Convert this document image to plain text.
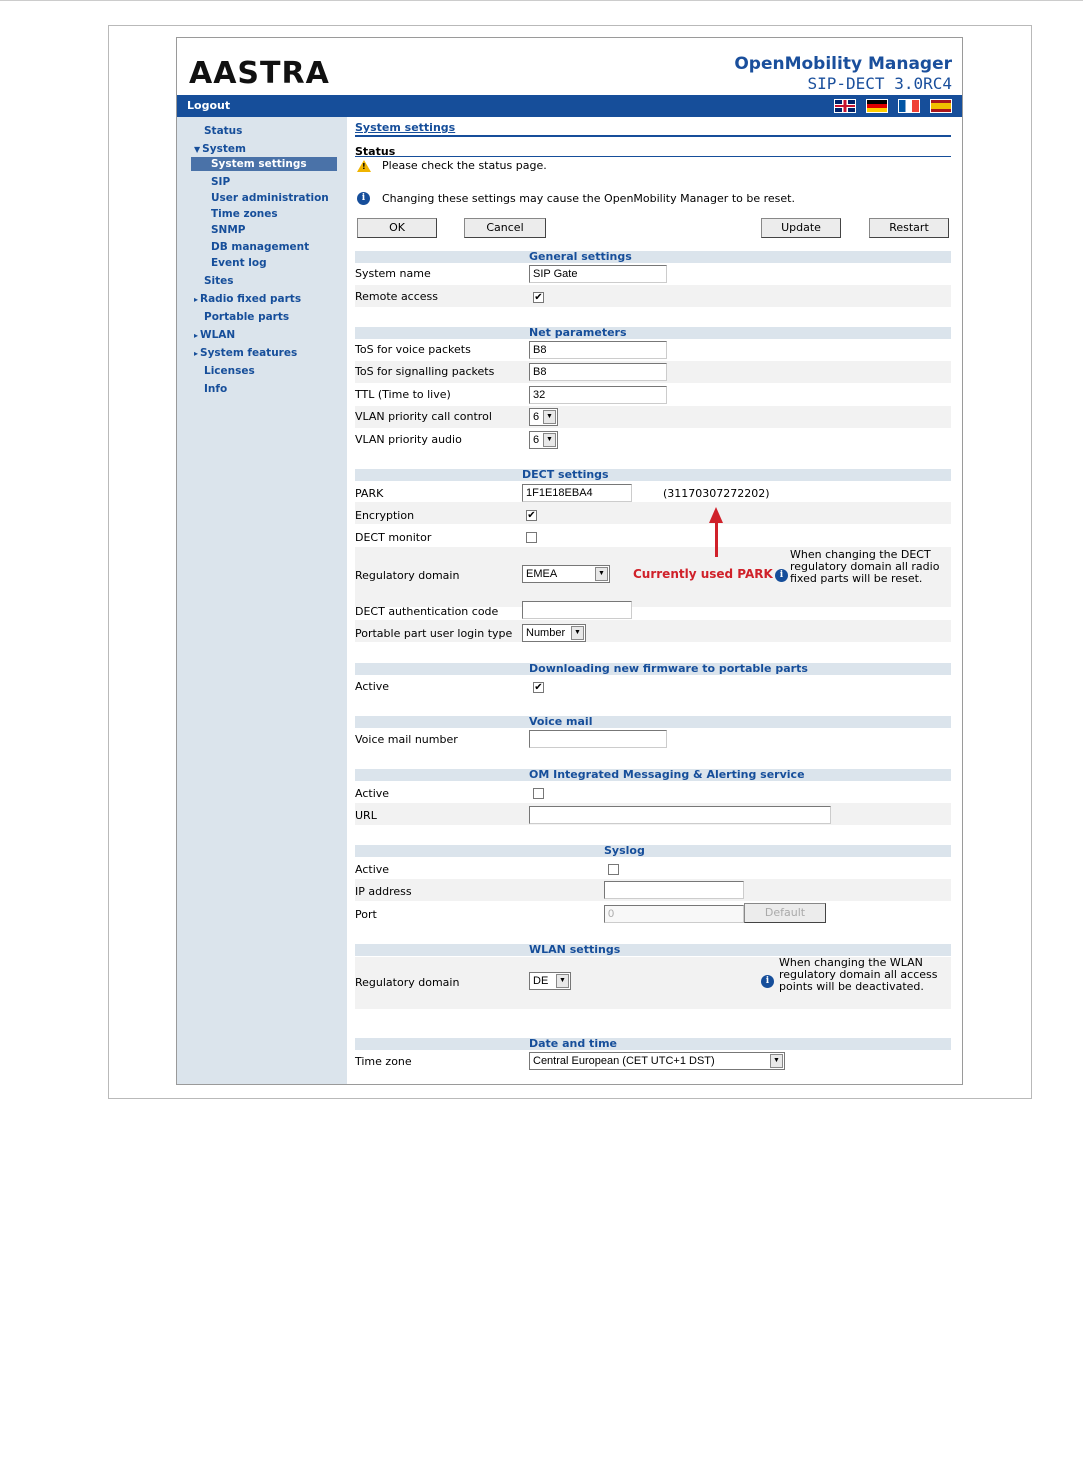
AASTRA	OpenMobility Manager
SIP-DECT 3.0RC4
Logout
Status
▼ System
System settings
SIP
User administration
Time zones
SNMP
DB management
Event log
Sites
▸ Radio fixed parts
Portable parts
▸ WLAN
▸ System features
Licenses
Info
System settings
Status
! Please check the status page.
i	Changing these settings may cause the OpenMobility Manager to be reset.
OK	Cancel	Update	Restart
General settings
System name	SIP Gate
Remote access	✔
Net parameters
ToS for voice packets	B8
ToS for signalling packets	B8
TTL (Time to live)	32
VLAN priority call control	6 ▼
VLAN priority audio	6 ▼
DECT settings
PARK	1F1E18EBA4	(31170307272202)
Encryption	✔
DECT monitor
Regulatory domain	EMEA	▼ Currently used PARK i
When changing the DECT regulatory domain all radio fixed parts will be reset.
DECT authentication code
Portable part user login type	Number	▼
Downloading new firmware to portable parts
Active	✔
Voice mail
Voice mail number
OM Integrated Messaging & Alerting service
Active
URL
Syslog
Active
IP address
Port	0	Default
WLAN settings
Regulatory domain	DE	▼	i
When changing the WLAN regulatory domain all access points will be deactivated.
Date and time
Time zone	Central European (CET UTC+1 DST)	▼
